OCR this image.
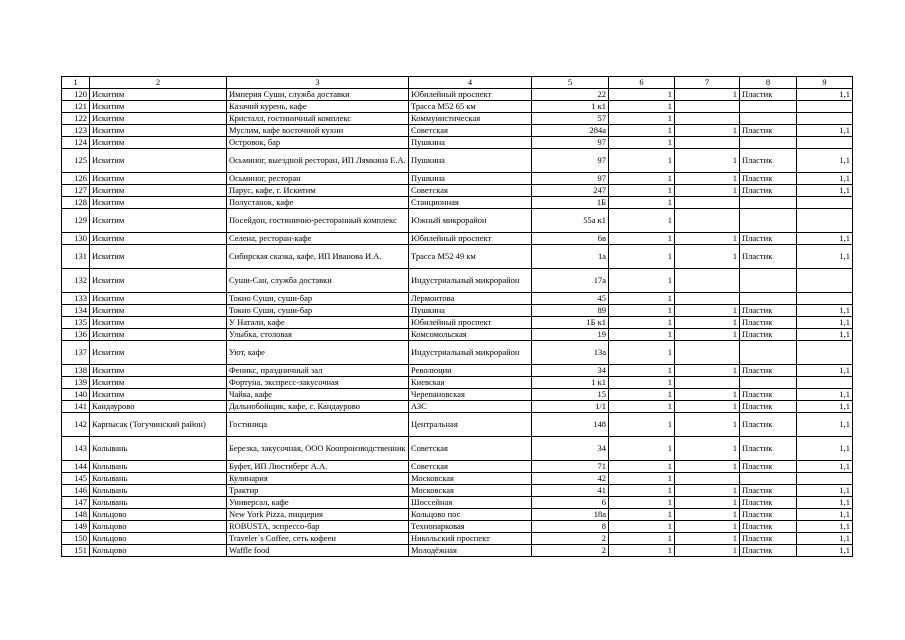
1	2	3	4	5	6	7	8	9
120	Искитим	Империя Суши, служба доставки	Юбилейный проспект	22	1	1	Пластик	1,1
121	Искитим	Казачий курень, кафе	Трасса М52 65 км	1 к1	1			
122	Искитим	Кристалл, гостиничный комплекс	Коммунистическая	57	1			
123	Искитим	Муслим, кафе восточной кухни	Советская	284а	1	1	Пластик	1,1
124	Искитим	Островок, бар	Пушкина	97	1			
125	Искитим	Осьминог, выездной ресторан, ИП Лямкина Е.А.	Пушкина	97	1	1	Пластик	1,1
126	Искитим	Осьминог, ресторан	Пушкина	97	1	1	Пластик	1,1
127	Искитим	Парус, кафе, г. Искитим	Советская	247	1	1	Пластик	1,1
128	Искитим	Полустанок, кафе	Станционная	1Б	1			
129	Искитим	Посейдон, гостинично-ресторанный комплекс	Южный микрорайон	55а к1	1			
130	Искитим	Селена, ресторан-кафе	Юбилейный проспект	6в	1	1	Пластик	1,1
131	Искитим	Сибирская сказка, кафе, ИП Иванова И.А.	Трасса М52 49 км	1а	1	1	Пластик	1,1
132	Искитим	Суши-Сан, служба доставки	Индустриальный микрорайон	17а	1			
133	Искитим	Токио Суши, суши-бар	Лермонтова	45	1			
134	Искитим	Токио Суши, суши-бар	Пушкина	89	1	1	Пластик	1,1
135	Искитим	У Натали, кафе	Юбилейный проспект	1Б к1	1	1	Пластик	1,1
136	Искитим	Улыбка, столовая	Комсомольская	19	1	1	Пластик	1,1
137	Искитим	Уют, кафе	Индустриальный микрорайон	13а	1			
138	Искитим	Феникс, праздничный зал	Революции	34	1	1	Пластик	1,1
139	Искитим	Фортуна, экспресс-закусочная	Киевская	1 к1	1			
140	Искитим	Чайка, кафе	Черепановская	15	1	1	Пластик	1,1
141	Кандаурово	Дальнобойщик, кафе, с. Кандаурово	АЗС	1/1	1	1	Пластик	1,1
142	Карпысак (Тогучинский район)	Гостиница	Центральная	148	1	1	Пластик	1,1
143	Колывань	Березка, закусочная, ООО Коопроизводственник	Советская	34	1	1	Пластик	1,1
144	Колывань	Буфет, ИП Люстиберг А.А.	Советская	71	1	1	Пластик	1,1
145	Колывань	Кулинария	Московская	42	1			
146	Колывань	Трактир	Московская	41	1	1	Пластик	1,1
147	Колывань	Универсал, кафе	Шоссейная	6	1	1	Пластик	1,1
148	Кольцово	New York Pizza, пиццерия	Кольцово пос	18а	1	1	Пластик	1,1
149	Кольцово	ROBUSTA, эспрессо-бар	Технопарковая	8	1	1	Пластик	1,1
150	Кольцово	Traveler`s Coffee, сеть кофеен	Никольский проспект	2	1	1	Пластик	1,1
151	Кольцово	Waffle food	Молодёжная	2	1	1	Пластик	1,1
